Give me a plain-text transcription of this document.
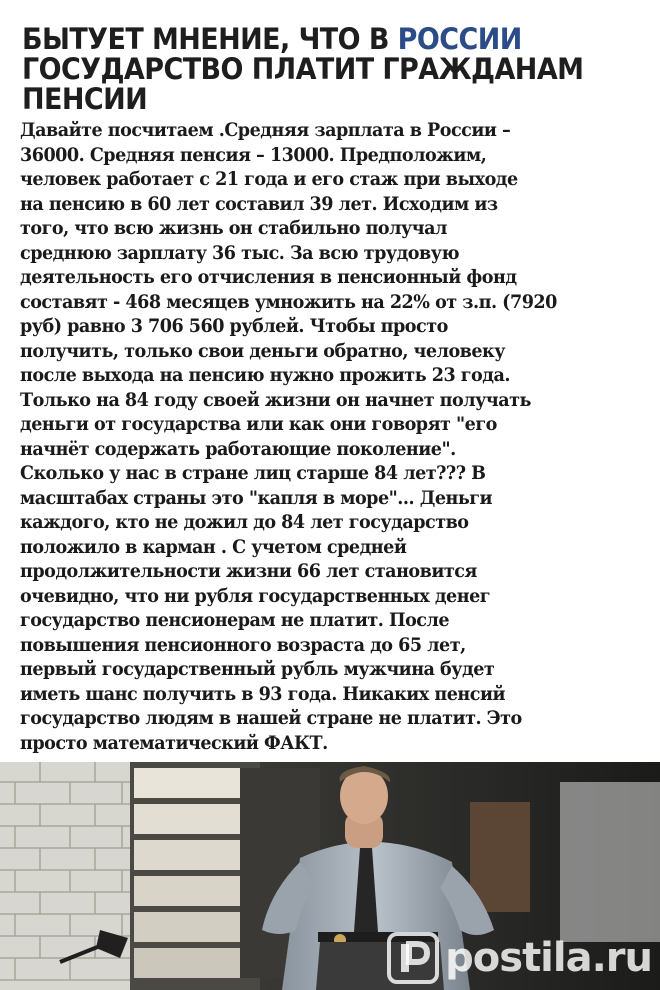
БЫТУЕТ МНЕНИЕ, ЧТО В РОССИИ
ГОСУДАРСТВО ПЛАТИТ ГРАЖДАНАМ
ПЕНСИИ
Давайте посчитаем .Средняя зарплата в России –
36000. Средняя пенсия – 13000. Предположим,
человек работает с 21 года и его стаж при выходе
на пенсию в 60 лет составил 39 лет. Исходим из
того, что всю жизнь он стабильно получал
среднюю зарплату 36 тыс. За всю трудовую
деятельность его отчисления в пенсионный фонд
составят - 468 месяцев умножить на 22% от з.п. (7920
руб) равно 3 706 560 рублей. Чтобы просто
получить, только свои деньги обратно, человеку
после выхода на пенсию нужно прожить 23 года.
Только на 84 году своей жизни он начнет получать
деньги от государства или как они говорят "его
начнёт содержать работающие поколение".
Сколько у нас в стране лиц старше 84 лет??? В
масштабах страны это "капля в море"... Деньги
каждого, кто не дожил до 84 лет государство
положило в карман . С учетом средней
продолжительности жизни 66 лет становится
очевидно, что ни рубля государственных денег
государство пенсионерам не платит. После
повышения пенсионного возраста до 65 лет,
первый государственный рубль мужчина будет
иметь шанс получить в 93 года. Никаких пенсий
государство людям в нашей стране не платит. Это
просто математический ФАКТ.
postila.ru
